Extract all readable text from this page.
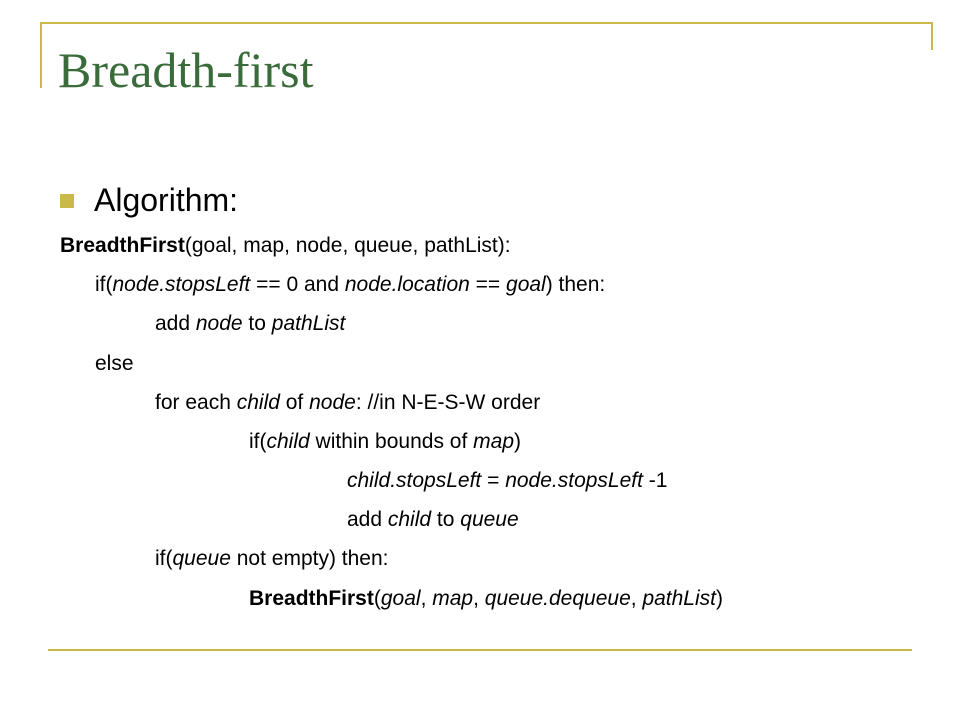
Breadth-first
Algorithm:
BreadthFirst(goal, map, node, queue, pathList):
if(node.stopsLeft == 0 and node.location == goal) then:
add node to pathList
else
for each child of node: //in N-E-S-W order
if(child within bounds of map)
child.stopsLeft = node.stopsLeft -1
add child to queue
if(queue not empty) then:
BreadthFirst(goal, map, queue.dequeue, pathList)
